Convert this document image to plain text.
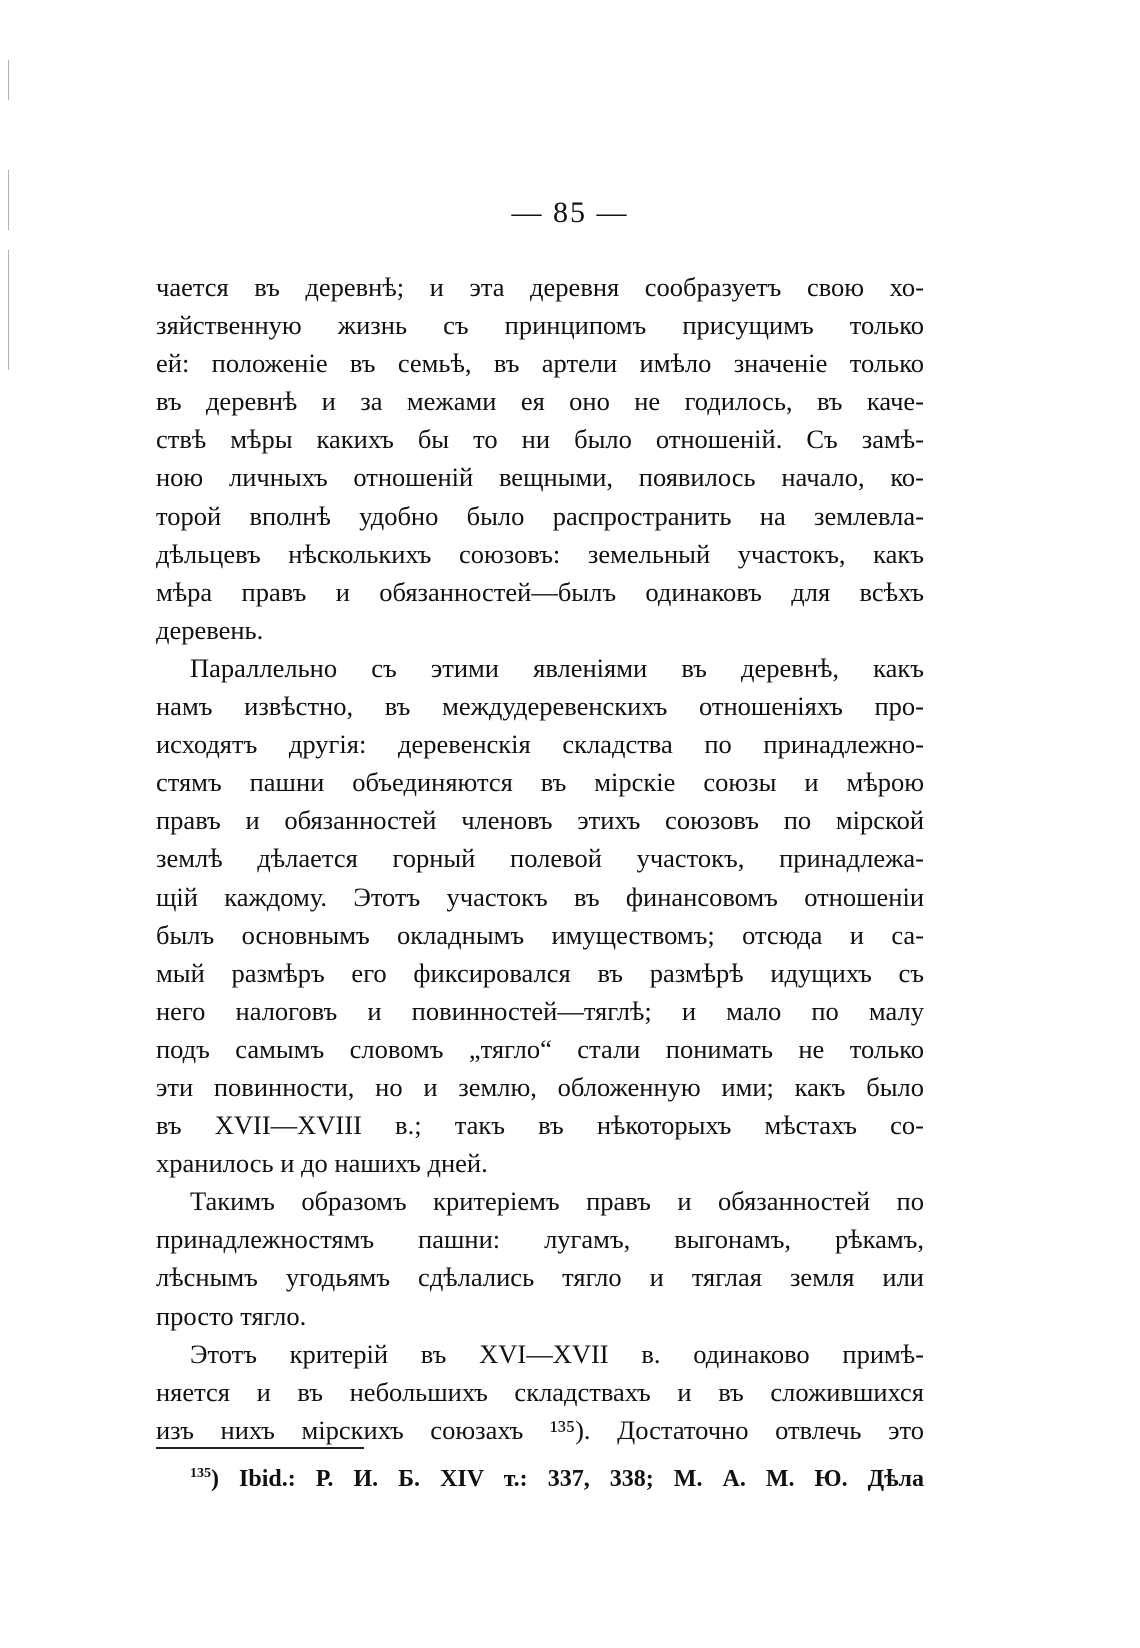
— 85 —
чается въ деревнѣ; и эта деревня сообразуетъ свою хо-
зяйственную жизнь съ принципомъ присущимъ только
ей: положеніе въ семьѣ, въ артели имѣло значеніе только
въ деревнѣ и за межами ея оно не годилось, въ каче-
ствѣ мѣры какихъ бы то ни было отношеній. Съ замѣ-
ною личныхъ отношеній вещными, появилось начало, ко-
торой вполнѣ удобно было распространить на землевла-
дѣльцевъ нѣсколькихъ союзовъ: земельный участокъ, какъ
мѣра правъ и обязанностей—былъ одинаковъ для всѣхъ
деревень.
Параллельно съ этими явленіями въ деревнѣ, какъ
намъ извѣстно, въ междудеревенскихъ отношеніяхъ про-
исходятъ другія: деревенскія складства по принадлежно-
стямъ пашни объединяются въ мірскіе союзы и мѣрою
правъ и обязанностей членовъ этихъ союзовъ по мірской
землѣ дѣлается горный полевой участокъ, принадлежа-
щій каждому. Этотъ участокъ въ финансовомъ отношеніи
былъ основнымъ окладнымъ имуществомъ; отсюда и са-
мый размѣръ его фиксировался въ размѣрѣ идущихъ съ
него налоговъ и повинностей—тяглѣ; и мало по малу
подъ самымъ словомъ „тягло“ стали понимать не только
эти повинности, но и землю, обложенную ими; какъ было
въ XVII—XVIII в.; такъ въ нѣкоторыхъ мѣстахъ со-
хранилось и до нашихъ дней.
Такимъ образомъ критеріемъ правъ и обязанностей по
принадлежностямъ пашни: лугамъ, выгонамъ, рѣкамъ,
лѣснымъ угодьямъ сдѣлались тягло и тяглая земля или
просто тягло.
Этотъ критерій въ XVI—XVII в. одинаково примѣ-
няется и въ небольшихъ складствахъ и въ сложившихся
изъ нихъ мірскихъ союзахъ ¹³⁵). Достаточно отвлечь это
$^{135}$) Ibid.: Р. И. Б. XIV т.: 337, 338; М. А. М. Ю. Дѣла
